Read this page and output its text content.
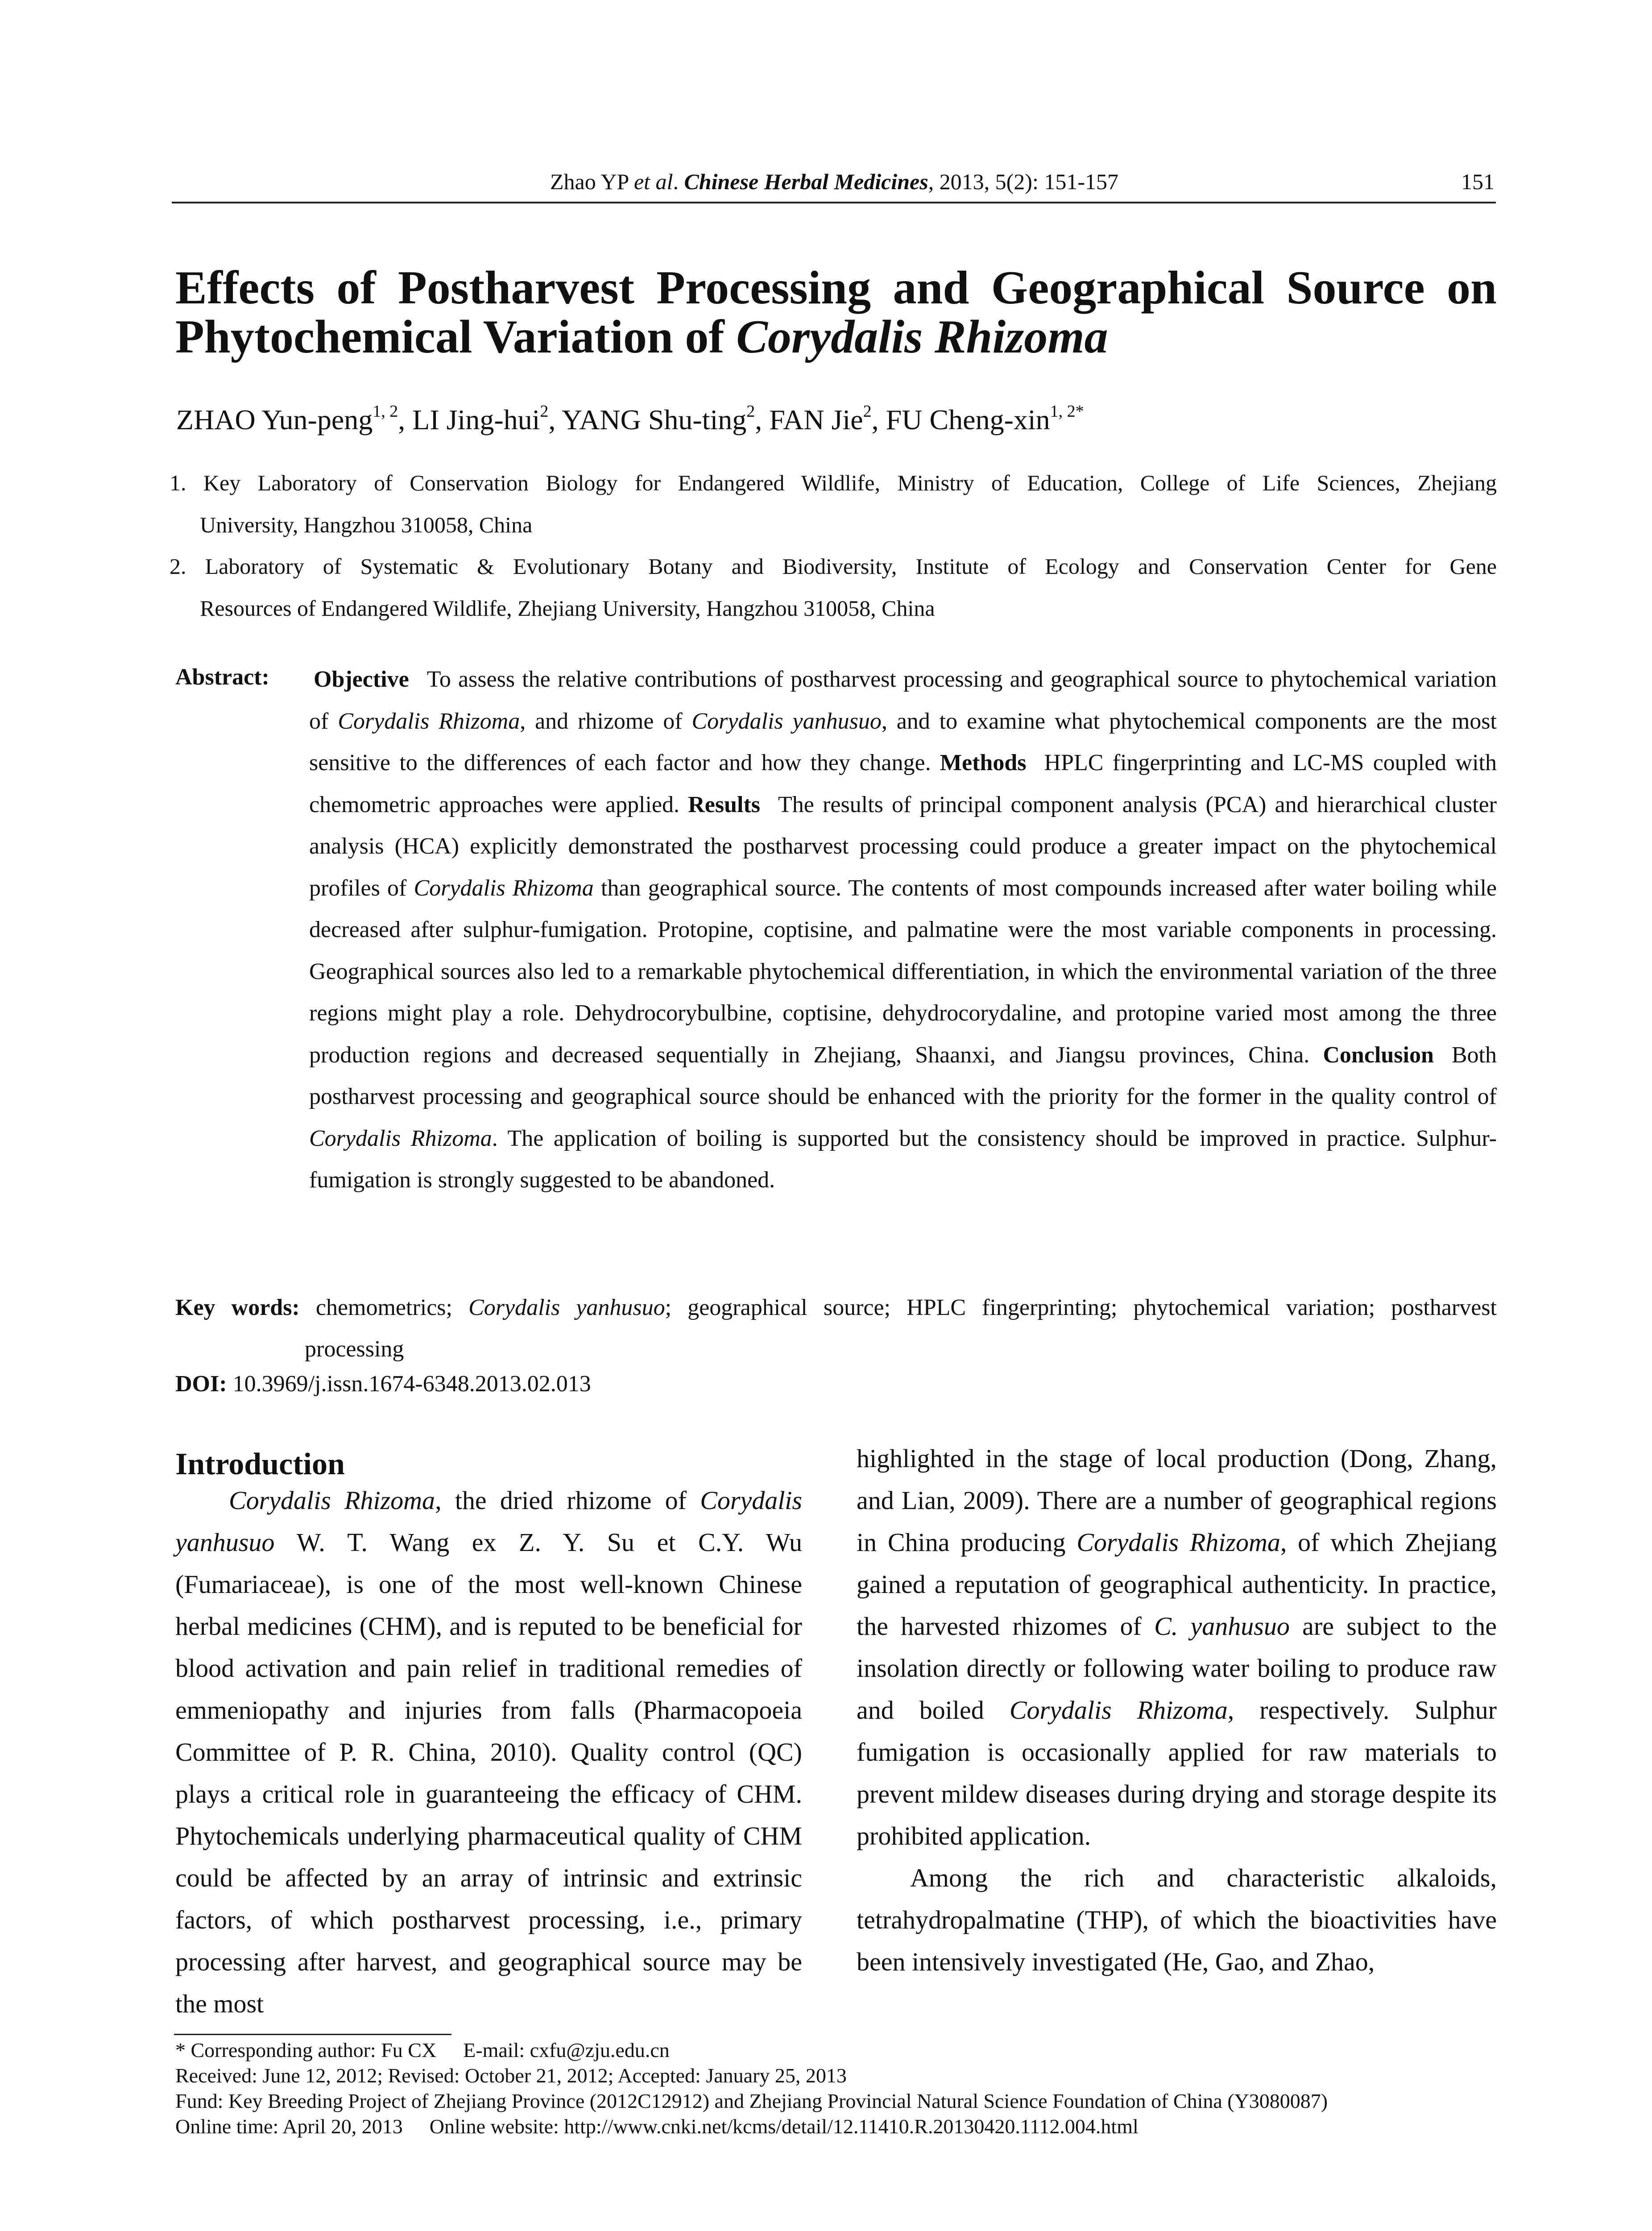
Zhao YP et al. Chinese Herbal Medicines, 2013, 5(2): 151-157	151
Effects of Postharvest Processing and Geographical Source on
Phytochemical Variation of Corydalis Rhizoma
ZHAO Yun-peng$^{1, 2}$, LI Jing-hui$^2$, YANG Shu-ting$^2$, FAN Jie$^2$, FU Cheng-xin$^{1, 2*}$
1. Key Laboratory of Conservation Biology for Endangered Wildlife, Ministry of Education, College of Life Sciences, Zhejiang
University, Hangzhou 310058, China
2. Laboratory of Systematic & Evolutionary Botany and Biodiversity, Institute of Ecology and Conservation Center for Gene
Resources of Endangered Wildlife, Zhejiang University, Hangzhou 310058, China
Abstract: Objective To assess the relative contributions of postharvest processing and geographical source to phytochemical variation of Corydalis Rhizoma, and rhizome of Corydalis yanhusuo, and to examine what phytochemical components are the most sensitive to the differences of each factor and how they change. Methods HPLC fingerprinting and LC-MS coupled with chemometric approaches were applied. Results The results of principal component analysis (PCA) and hierarchical cluster analysis (HCA) explicitly demonstrated the postharvest processing could produce a greater impact on the phytochemical profiles of Corydalis Rhizoma than geographical source. The contents of most compounds increased after water boiling while decreased after sulphur-fumigation. Protopine, coptisine, and palmatine were the most variable components in processing. Geographical sources also led to a remarkable phytochemical differentiation, in which the environmental variation of the three regions might play a role. Dehydrocorybulbine, coptisine, dehydrocorydaline, and protopine varied most among the three production regions and decreased sequentially in Zhejiang, Shaanxi, and Jiangsu provinces, China. Conclusion Both postharvest processing and geographical source should be enhanced with the priority for the former in the quality control of Corydalis Rhizoma. The application of boiling is supported but the consistency should be improved in practice. Sulphur-fumigation is strongly suggested to be abandoned.
Key words: chemometrics; Corydalis yanhusuo; geographical source; HPLC fingerprinting; phytochemical variation; postharvest
processing
DOI: 10.3969/j.issn.1674-6348.2013.02.013
Introduction

Corydalis Rhizoma, the dried rhizome of Corydalis yanhusuo W. T. Wang ex Z. Y. Su et C.Y. Wu (Fumariaceae), is one of the most well-known Chinese herbal medicines (CHM), and is reputed to be beneficial for blood activation and pain relief in traditional remedies of emmeniopathy and injuries from falls (Pharmacopoeia Committee of P. R. China, 2010). Quality control (QC) plays a critical role in guaranteeing the efficacy of CHM. Phytochemicals underlying pharmaceutical quality of CHM could be affected by an array of intrinsic and extrinsic factors, of which postharvest processing, i.e., primary processing after harvest, and geographical source may be the most

highlighted in the stage of local production (Dong, Zhang, and Lian, 2009). There are a number of geographical regions in China producing Corydalis Rhizoma, of which Zhejiang gained a reputation of geographical authenticity. In practice, the harvested rhizomes of C. yanhusuo are subject to the insolation directly or following water boiling to produce raw and boiled Corydalis Rhizoma, respectively. Sulphur fumigation is occasionally applied for raw materials to prevent mildew diseases during drying and storage despite its prohibited application.

Among the rich and characteristic alkaloids, tetrahydropalmatine (THP), of which the bioactivities have been intensively investigated (He, Gao, and Zhao,

* Corresponding author: Fu CX E-mail: cxfu@zju.edu.cn
Received: June 12, 2012; Revised: October 21, 2012; Accepted: January 25, 2013
Fund: Key Breeding Project of Zhejiang Province (2012C12912) and Zhejiang Provincial Natural Science Foundation of China (Y3080087)
Online time: April 20, 2013 Online website: http://www.cnki.net/kcms/detail/12.11410.R.20130420.1112.004.html
